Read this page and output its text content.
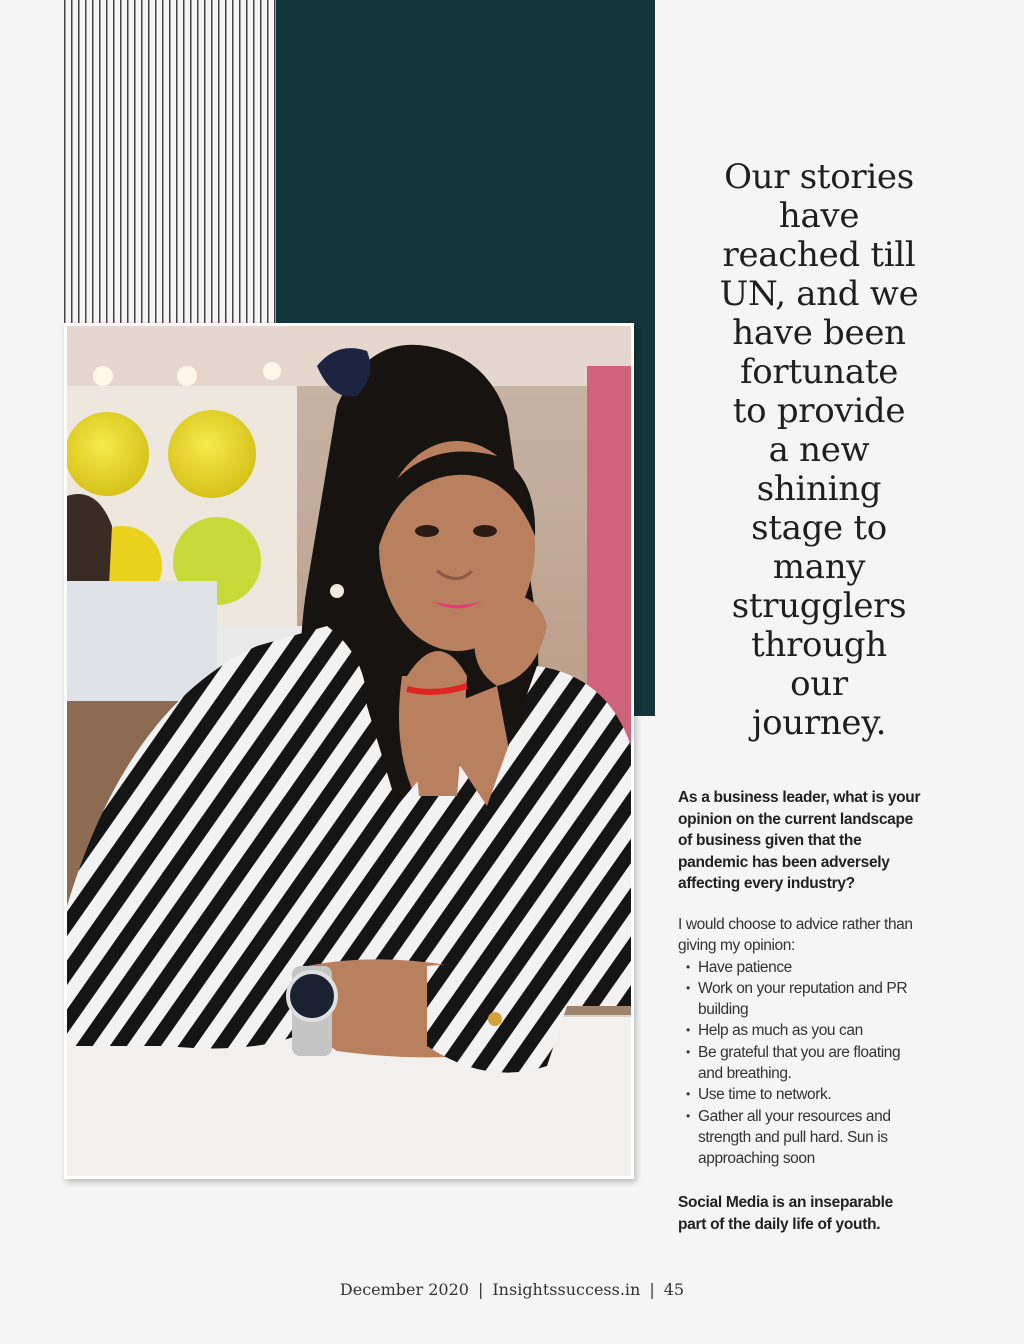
Our stories
have
reached till
UN, and we
have been
fortunate
to provide
a new
shining
stage to
many
strugglers
through
our
journey.
As a business leader, what is your
opinion on the current landscape
of business given that the
pandemic has been adversely
affecting every industry?
I would choose to advice rather than
giving my opinion:
• Have patience
• Work on your reputation and PR
building
• Help as much as you can
• Be grateful that you are floating
and breathing.
• Use time to network.
• Gather all your resources and
strength and pull hard. Sun is
approaching soon
Social Media is an inseparable
part of the daily life of youth.
December 2020 | Insightssuccess.in | 45
